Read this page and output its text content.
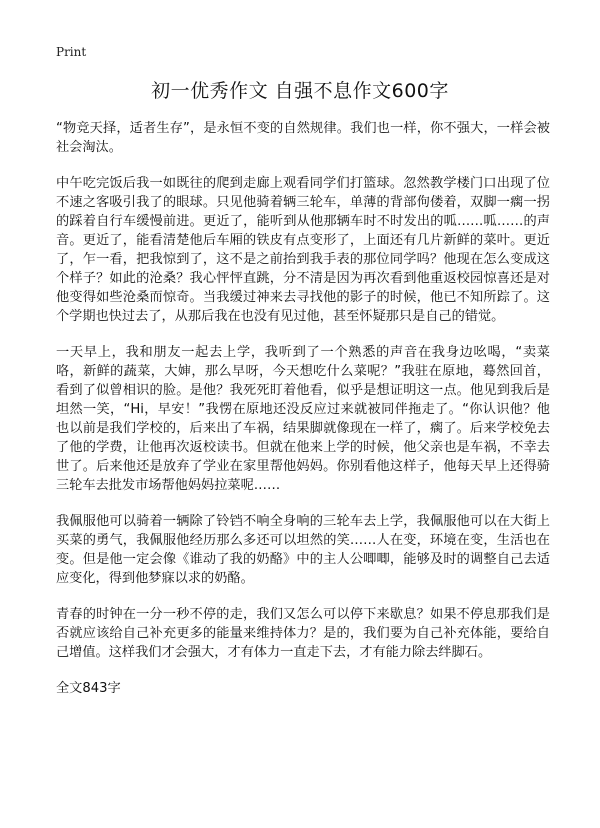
Print
初一优秀作文 自强不息作文600字

“物竞天择，适者生存”，是永恒不变的自然规律。我们也一样，你不强大，一样会被社会淘汰。

中午吃完饭后我一如既往的爬到走廊上观看同学们打篮球。忽然教学楼门口出现了位不速之客吸引我了的眼球。只见他骑着辆三轮车，单薄的背部佝偻着，双脚一瘸一拐的踩着自行车缓慢前进。更近了，能听到从他那辆车时不时发出的呱……呱……的声音。更近了，能看清楚他后车厢的铁皮有点变形了，上面还有几片新鲜的菜叶。更近了，乍一看，把我惊到了，这不是之前抬到我手表的那位同学吗？他现在怎么变成这个样子？如此的沧桑？我心怦怦直跳，分不清是因为再次看到他重返校园惊喜还是对他变得如些沧桑而惊奇。当我缓过神来去寻找他的影子的时候，他已不知所踪了。这个学期也快过去了，从那后我在也没有见过他，甚至怀疑那只是自己的错觉。

一天早上，我和朋友一起去上学，我听到了一个熟悉的声音在我身边吆喝，“卖菜咯，新鲜的蔬菜，大婶，那么早呀，今天想吃什么菜呢？”我驻在原地，蓦然回首，看到了似曾相识的脸。是他？我死死盯着他看，似乎是想证明这一点。他见到我后是坦然一笑，“Hi，早安！”我愣在原地还没反应过来就被同伴拖走了。“你认识他？他也以前是我们学校的，后来出了车祸，结果脚就像现在一样了，瘸了。后来学校免去了他的学费，让他再次返校读书。但就在他来上学的时候，他父亲也是车祸，不幸去世了。后来他还是放弃了学业在家里帮他妈妈。你别看他这样子，他每天早上还得骑三轮车去批发市场帮他妈妈拉菜呢……

我佩服他可以骑着一辆除了铃铛不响全身响的三轮车去上学，我佩服他可以在大街上买菜的勇气，我佩服他经历那么多还可以坦然的笑……人在变，环境在变，生活也在变。但是他一定会像《谁动了我的奶酪》中的主人公唧唧，能够及时的调整自己去适应变化，得到他梦寐以求的奶酪。

青春的时钟在一分一秒不停的走，我们又怎么可以停下来歇息？如果不停息那我们是否就应该给自己补充更多的能量来维持体力？是的，我们要为自己补充体能，要给自己增值。这样我们才会强大，才有体力一直走下去，才有能力除去绊脚石。

全文843字
